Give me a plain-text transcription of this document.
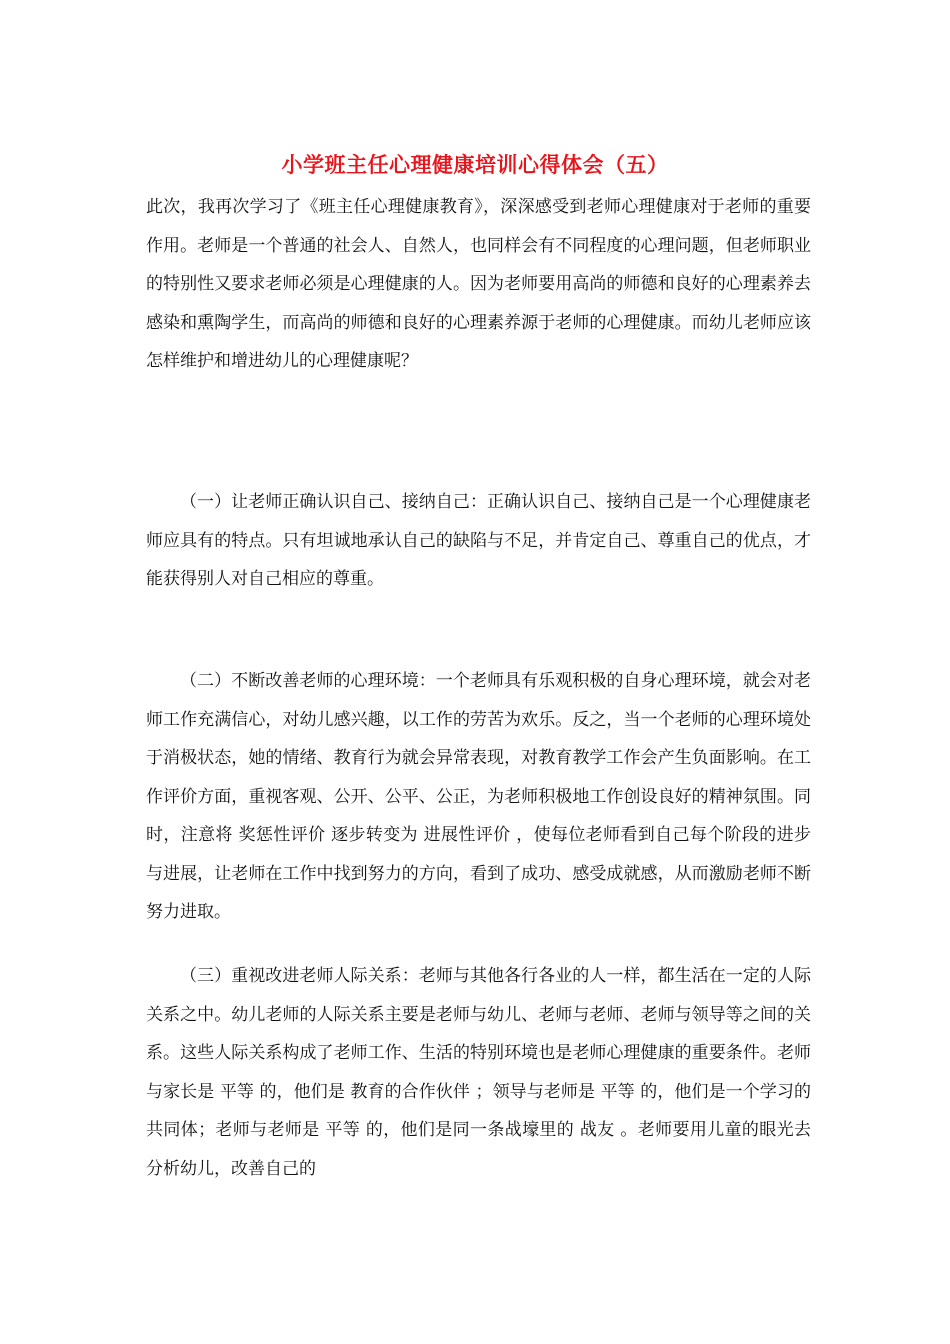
小学班主任心理健康培训心得体会（五）

此次，我再次学习了《班主任心理健康教育》，深深感受到老师心理健康对于老师的重要作用。老师是一个普通的社会人、自然人，也同样会有不同程度的心理问题，但老师职业的特别性又要求老师必须是心理健康的人。因为老师要用高尚的师德和良好的心理素养去感染和熏陶学生，而高尚的师德和良好的心理素养源于老师的心理健康。而幼儿老师应该怎样维护和增进幼儿的心理健康呢？

（一）让老师正确认识自己、接纳自己：正确认识自己、接纳自己是一个心理健康老师应具有的特点。只有坦诚地承认自己的缺陷与不足，并肯定自己、尊重自己的优点，才能获得别人对自己相应的尊重。

（二）不断改善老师的心理环境：一个老师具有乐观积极的自身心理环境，就会对老师工作充满信心，对幼儿感兴趣，以工作的劳苦为欢乐。反之，当一个老师的心理环境处于消极状态，她的情绪、教育行为就会异常表现，对教育教学工作会产生负面影响。在工作评价方面，重视客观、公开、公平、公正，为老师积极地工作创设良好的精神氛围。同时，注意将 奖惩性评价 逐步转变为 进展性评价 ，使每位老师看到自己每个阶段的进步与进展，让老师在工作中找到努力的方向，看到了成功、感受成就感，从而激励老师不断努力进取。

（三）重视改进老师人际关系：老师与其他各行各业的人一样，都生活在一定的人际关系之中。幼儿老师的人际关系主要是老师与幼儿、老师与老师、老师与领导等之间的关系。这些人际关系构成了老师工作、生活的特别环境也是老师心理健康的重要条件。老师与家长是 平等 的，他们是 教育的合作伙伴 ；领导与老师是 平等 的，他们是一个学习的共同体；老师与老师是 平等 的，他们是同一条战壕里的 战友 。老师要用儿童的眼光去分析幼儿，改善自己的
